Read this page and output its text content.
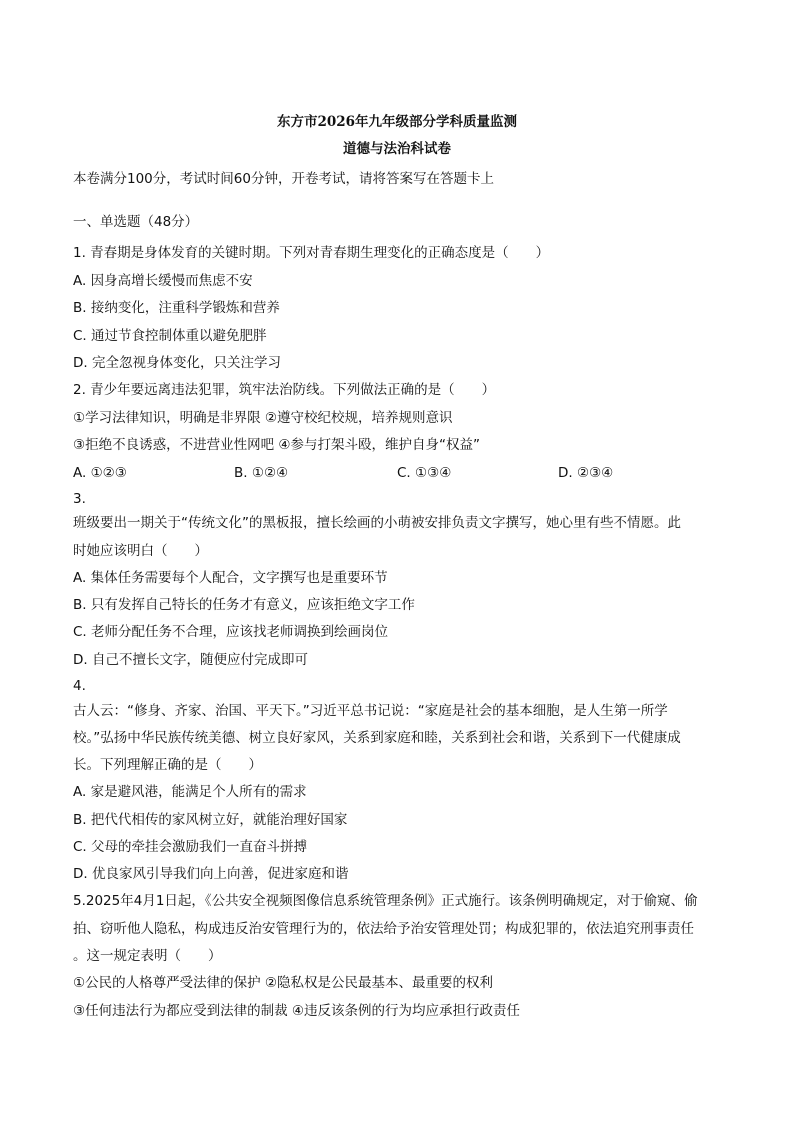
东方市2026年九年级部分学科质量监测
道德与法治科试卷
本卷满分100分，考试时间60分钟，开卷考试，请将答案写在答题卡上
一、单选题（48分）
1. 青春期是身体发育的关键时期。下列对青春期生理变化的正确态度是（　　）
A. 因身高增长缓慢而焦虑不安
B. 接纳变化，注重科学锻炼和营养
C. 通过节食控制体重以避免肥胖
D. 完全忽视身体变化，只关注学习
2. 青少年要远离违法犯罪，筑牢法治防线。下列做法正确的是（　　）
①学习法律知识，明确是非界限 ②遵守校纪校规，培养规则意识
③拒绝不良诱惑，不进营业性网吧 ④参与打架斗殴，维护自身“权益”
A. ①②③	B. ①②④	C. ①③④	D. ②③④
3.
班级要出一期关于“传统文化”的黑板报，擅长绘画的小萌被安排负责文字撰写，她心里有些不情愿。此
时她应该明白（　　）
A. 集体任务需要每个人配合，文字撰写也是重要环节
B. 只有发挥自己特长的任务才有意义，应该拒绝文字工作
C. 老师分配任务不合理，应该找老师调换到绘画岗位
D. 自己不擅长文字，随便应付完成即可
4.
古人云：“修身、齐家、治国、平天下。”习近平总书记说：“家庭是社会的基本细胞，是人生第一所学
校。”弘扬中华民族传统美德、树立良好家风，关系到家庭和睦，关系到社会和谐，关系到下一代健康成
长。下列理解正确的是（　　）
A. 家是避风港，能满足个人所有的需求
B. 把代代相传的家风树立好，就能治理好国家
C. 父母的牵挂会激励我们一直奋斗拼搏
D. 优良家风引导我们向上向善，促进家庭和谐
5.2025年4月1日起，《公共安全视频图像信息系统管理条例》正式施行。该条例明确规定，对于偷窥、偷
拍、窃听他人隐私，构成违反治安管理行为的，依法给予治安管理处罚；构成犯罪的，依法追究刑事责任
。这一规定表明（　　）
①公民的人格尊严受法律的保护 ②隐私权是公民最基本、最重要的权利
③任何违法行为都应受到法律的制裁 ④违反该条例的行为均应承担行政责任
